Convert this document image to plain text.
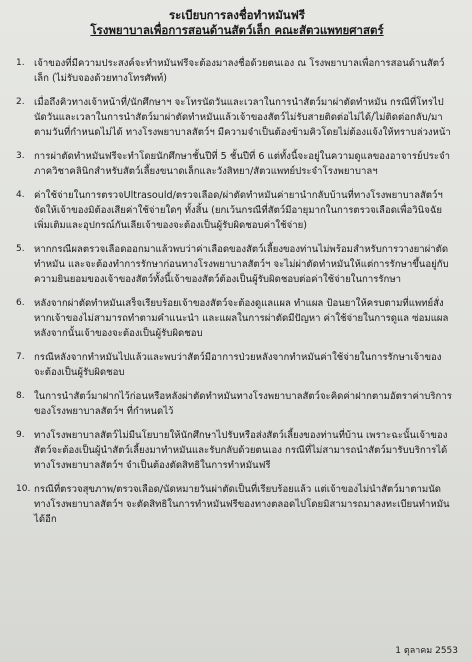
ระเบียบการลงชื่อทำหมันฟรี
โรงพยาบาลเพื่อการสอนด้านสัตว์เล็ก คณะสัตวแพทยศาสตร์
1. เจ้าของที่มีความประสงค์จะทำหมันฟรีจะต้องมาลงชื่อด้วยตนเอง ณ โรงพยาบาลเพื่อการสอนด้านสัตว์เล็ก (ไม่รับจองด้วยทางโทรศัพท์)
2. เมื่อถึงคิวทางเจ้าหน้าที่/นักศึกษาฯ จะโทรนัดวันและเวลาในการนำสัตว์มาผ่าตัดทำหมัน กรณีที่โทรไปนัดวันและเวลาในการนำสัตว์มาผ่าตัดทำหมันแล้วเจ้าของสัตว์ไม่รับสายติดต่อไม่ได้/ไม่ติดต่อกลับ/มาตามวันที่กำหนดไม่ได้ ทางโรงพยาบาลสัตว์ฯ มีความจำเป็นต้องข้ามคิวโดยไม่ต้องแจ้งให้ทราบล่วงหน้า
3. การผ่าตัดทำหมันฟรีจะทำโดยนักศึกษาชั้นปีที่ 5 ชั้นปีที่ 6 แต่ทั้งนี้จะอยู่ในความดูแลของอาจารย์ประจำภาควิชาคลินิกสำหรับสัตว์เลี้ยงขนาดเล็กและวังสิทยา/สัตวแพทย์ประจำโรงพยาบาลฯ
4. ค่าใช้จ่ายในการตรวจUltrasould/ตรวจเลือด/ผ่าตัดทำหมันค่ายานำกลับบ้านที่ทางโรงพยาบาลสัตว์ฯ จัดให้เจ้าของมิต้องเสียค่าใช้จ่ายใดๆ ทั้งสิ้น (ยกเว้นกรณีที่สัตว์มีอายุมากในการตรวจเลือดเพื่อวินิจฉัยเพิ่มเติมและอุปกรณ์กันเลียเจ้าของจะต้องเป็นผู้รับผิดชอบค่าใช้จ่าย)
5. หากกรณีผลตรวจเลือดออกมาแล้วพบว่าค่าเลือดของสัตว์เลี้ยงของท่านไม่พร้อมสำหรับการวางยาผ่าตัดทำหมัน และจะต้องทำการรักษาก่อนทางโรงพยาบาลสัตว์ฯ จะไม่ผ่าตัดทำหมันให้แต่การรักษาขึ้นอยู่กับความยินยอมของเจ้าของสัตว์ทั้งนี้เจ้าของสัตว์ต้องเป็นผู้รับผิดชอบต่อค่าใช้จ่ายในการรักษา
6. หลังจากผ่าตัดทำหมันเสร็จเรียบร้อยเจ้าของสัตว์จะต้องดูแลแผล ทำแผล ป้อนยาให้ครบตามที่แพทย์สั่ง หากเจ้าของไม่สามารถทำตามคำแนะนำ และแผลในการผ่าตัดมีปัญหา ค่าใช้จ่ายในการดูแล ซ่อมแผลหลังจากนั้นเจ้าของจะต้องเป็นผู้รับผิดชอบ
7. กรณีหลังจากทำหมันไปแล้วและพบว่าสัตว์มีอาการป่วยหลังจากทำหมันค่าใช้จ่ายในการรักษาเจ้าของจะต้องเป็นผู้รับผิดชอบ
8. ในการนำสัตว์มาฝากไว้ก่อนหรือหลังผ่าตัดทำหมันทางโรงพยาบาลสัตว์จะคิดค่าฝากตามอัตราค่าบริการของโรงพยาบาลสัตว์ฯ ที่กำหนดไว้
9. ทางโรงพยาบาลสัตว์ไม่มีนโยบายให้นักศึกษาไปรับหรือส่งสัตว์เลี้ยงของท่านที่บ้าน เพราะฉะนั้นเจ้าของสัตว์จะต้องเป็นผู้นำสัตว์เลี้ยงมาทำหมันและรับกลับด้วยตนเอง กรณีที่ไม่สามารถนำสัตว์มารับบริการได้ทางโรงพยาบาลสัตว์ฯ จำเป็นต้องตัดสิทธิในการทำหมันฟรี
10. กรณีที่ตรวจสุขภาพ/ตรวจเลือด/นัดหมายวันผ่าตัดเป็นที่เรียบร้อยแล้ว แต่เจ้าของไม่นำสัตว์มาตามนัดทางโรงพยาบาลสัตว์ฯ จะตัดสิทธิในการทำหมันฟรีของทางตลอดไปโดยมิสามารถมาลงทะเบียนทำหมันได้อีก
1 ตุลาคม 2553
